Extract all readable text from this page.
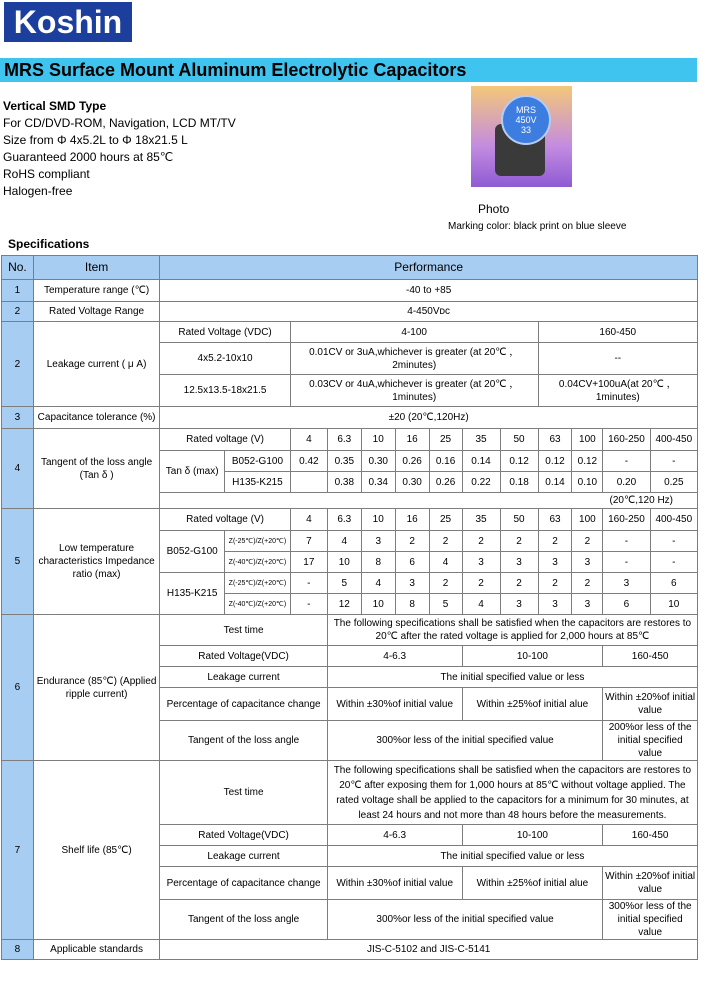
Koshin
MRS Surface Mount Aluminum Electrolytic Capacitors
Vertical SMD Type
For CD/DVD-ROM, Navigation, LCD MT/TV
Size from Φ 4x5.2L to Φ 18x21.5 L
Guaranteed 2000 hours at 85℃
RoHS compliant
Halogen-free
MRS
450V
33
Photo
Marking color: black print on blue sleeve
Specifications
No.	Item	Performance												
1	Temperature range (℃)	-40 to +85												
2	Rated Voltage Range	4-450Vᴅᴄ												
2	Leakage current ( μ A)	Rated Voltage (VDC)		4-100							160-450			
		4x5.2-10x10		0.01CV or 3uA,whichever is greater (at 20℃ ，2minutes)							--			
		12.5x13.5-18x21.5		0.03CV or 4uA,whichever is greater (at 20℃ ，1minutes)							0.04CV+100uA(at 20℃ ，1minutes)			
3	Capacitance tolerance (%)	±20 (20℃,120Hz)												
4	Tangent of the loss angle (Tan δ )	Rated voltage (V)		4	6.3	10	16	25	35	50	63	100	160-250	400-450
		Tan δ (max)	B052-G100	0.42	0.35	0.30	0.26	0.16	0.14	0.12	0.12	0.12	-	-
			H135-K215		0.38	0.34	0.30	0.26	0.22	0.18	0.14	0.10	0.20	0.25
		(20℃,120 Hz)												
5	Low temperature characteristics Impedance ratio (max)	Rated voltage (V)		4	6.3	10	16	25	35	50	63	100	160-250	400-450
		B052-G100	Z(-25℃)/Z(+20℃)	7	4	3	2	2	2	2	2	2	-	-
			Z(-40℃)/Z(+20℃)	17	10	8	6	4	3	3	3	3	-	-
		H135-K215	Z(-25℃)/Z(+20℃)	-	5	4	3	2	2	2	2	2	3	6
			Z(-40℃)/Z(+20℃)	-	12	10	8	5	4	3	3	3	6	10
6	Endurance (85℃) (Applied ripple current)	Test time			The following specifications shall be satisfied when the capacitors are restores to 20℃ after the rated voltage is applied for 2,000 hours at 85℃									
		Rated Voltage(VDC)			4-6.3				10-100				160-450	
		Leakage current			The initial specified value or less									
		Percentage of capacitance change			Within ±30%of initial value				Within ±25%of initial alue				Within ±20%of initial value	
		Tangent of the loss angle			300%or less of the initial specified value								200%or less of the initial specified value	
7	Shelf life (85℃)	Test time			The following specifications shall be satisfied when the capacitors are restores to 20℃ after exposing them for 1,000 hours at 85℃ without voltage applied. The rated voltage shall be applied to the capacitors for a minimum for 30 minutes, at least 24 hours and not more than 48 hours before the measurements.									
		Rated Voltage(VDC)			4-6.3				10-100				160-450	
		Leakage current			The initial specified value or less									
		Percentage of capacitance change			Within ±30%of initial value				Within ±25%of initial alue				Within ±20%of initial value	
		Tangent of the loss angle			300%or less of the initial specified value								300%or less of the initial specified value	
8	Applicable standards	JIS-C-5102 and JIS-C-5141												
